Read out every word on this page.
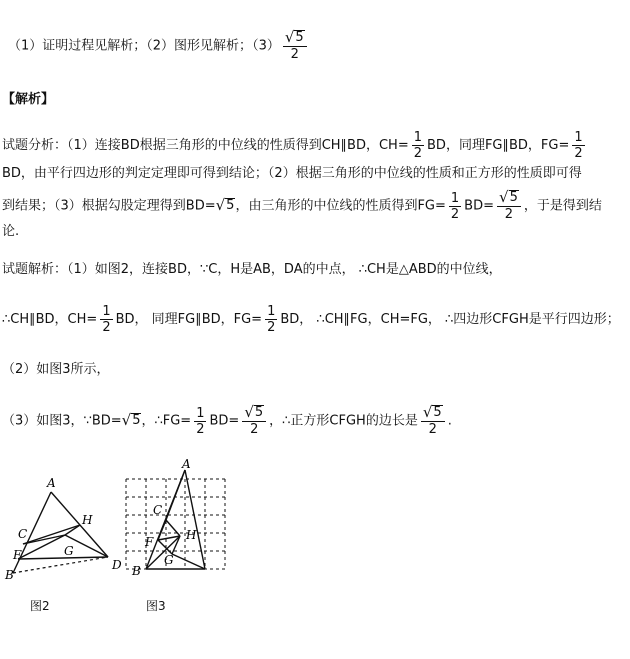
（1）证明过程见解析；（2）图形见解析；$(3) \frac{√ 5}{2}$
【解析】
试题分析：（1）连接BD根据三角形的中位线的性质得到CH∥BD，$CH= \frac{1}{2}$ BD，同理FG∥BD，$FG= \frac{1}{2}$
BD，由平行四边形的判定定理即可得到结论；（2）根据三角形的中位线的性质和正方形的性质即可得
到结果；（3）根据勾股定理得到BD= √ 5 ，由三角形的中位线的性质得到$FG= \frac{1}{2} BD= \frac{√ 5}{2}$ ，于是得到结
论.
试题解析：（1）如图2，连接BD，∵C，H是AB，DA的中点， ∴CH是△ABD的中位线，
∴CH∥BD，$CH= \frac{1}{2}$ BD， 同理FG∥BD，$FG= \frac{1}{2}$ BD， ∴CH∥FG，CH=FG， ∴四边形CFGH是平行四边形；
（2）如图3所示，
（3）如图3，∵BD= √ 5 ，∴FG= $\frac{1}{2} BD= \frac{√ 5}{2}$ ，∴正方形CFGH的边长是 $\frac{√ 5}{2}$ .
A
C
H
F	G
D
B
图2
A
C
H
F
G
B
图3
